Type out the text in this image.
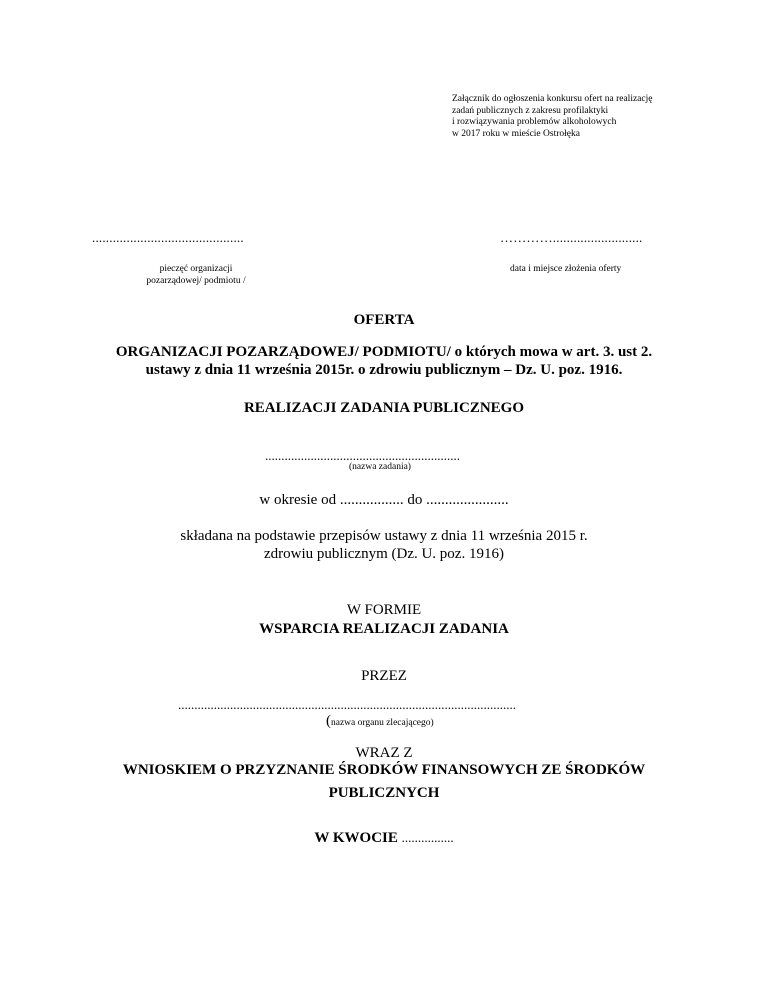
Załącznik do ogłoszenia konkursu ofert na realizację
zadań publicznych z zakresu profilaktyki
i rozwiązywania problemów alkoholowych
w 2017 roku w mieście Ostrołęka
............................................	…………..........................
pieczęć organizacji
pozarządowej/ podmiotu /
data i miejsce złożenia oferty
OFERTA
ORGANIZACJI POZARZĄDOWEJ/ PODMIOTU/ o których mowa w art. 3. ust 2.
ustawy z dnia 11 września 2015r. o zdrowiu publicznym – Dz. U. poz. 1916.
REALIZACJI ZADANIA PUBLICZNEGO
............................................................
(nazwa zadania)
w okresie od ................. do ......................
składana na podstawie przepisów ustawy z dnia 11 września 2015 r.
zdrowiu publicznym (Dz. U. poz. 1916)
W FORMIE
WSPARCIA REALIZACJI ZADANIA
PRZEZ
........................................................................................................
(nazwa organu zlecającego)
WRAZ Z
WNIOSKIEM O PRZYZNANIE ŚRODKÓW FINANSOWYCH ZE ŚRODKÓW
PUBLICZNYCH
W KWOCIE ................
